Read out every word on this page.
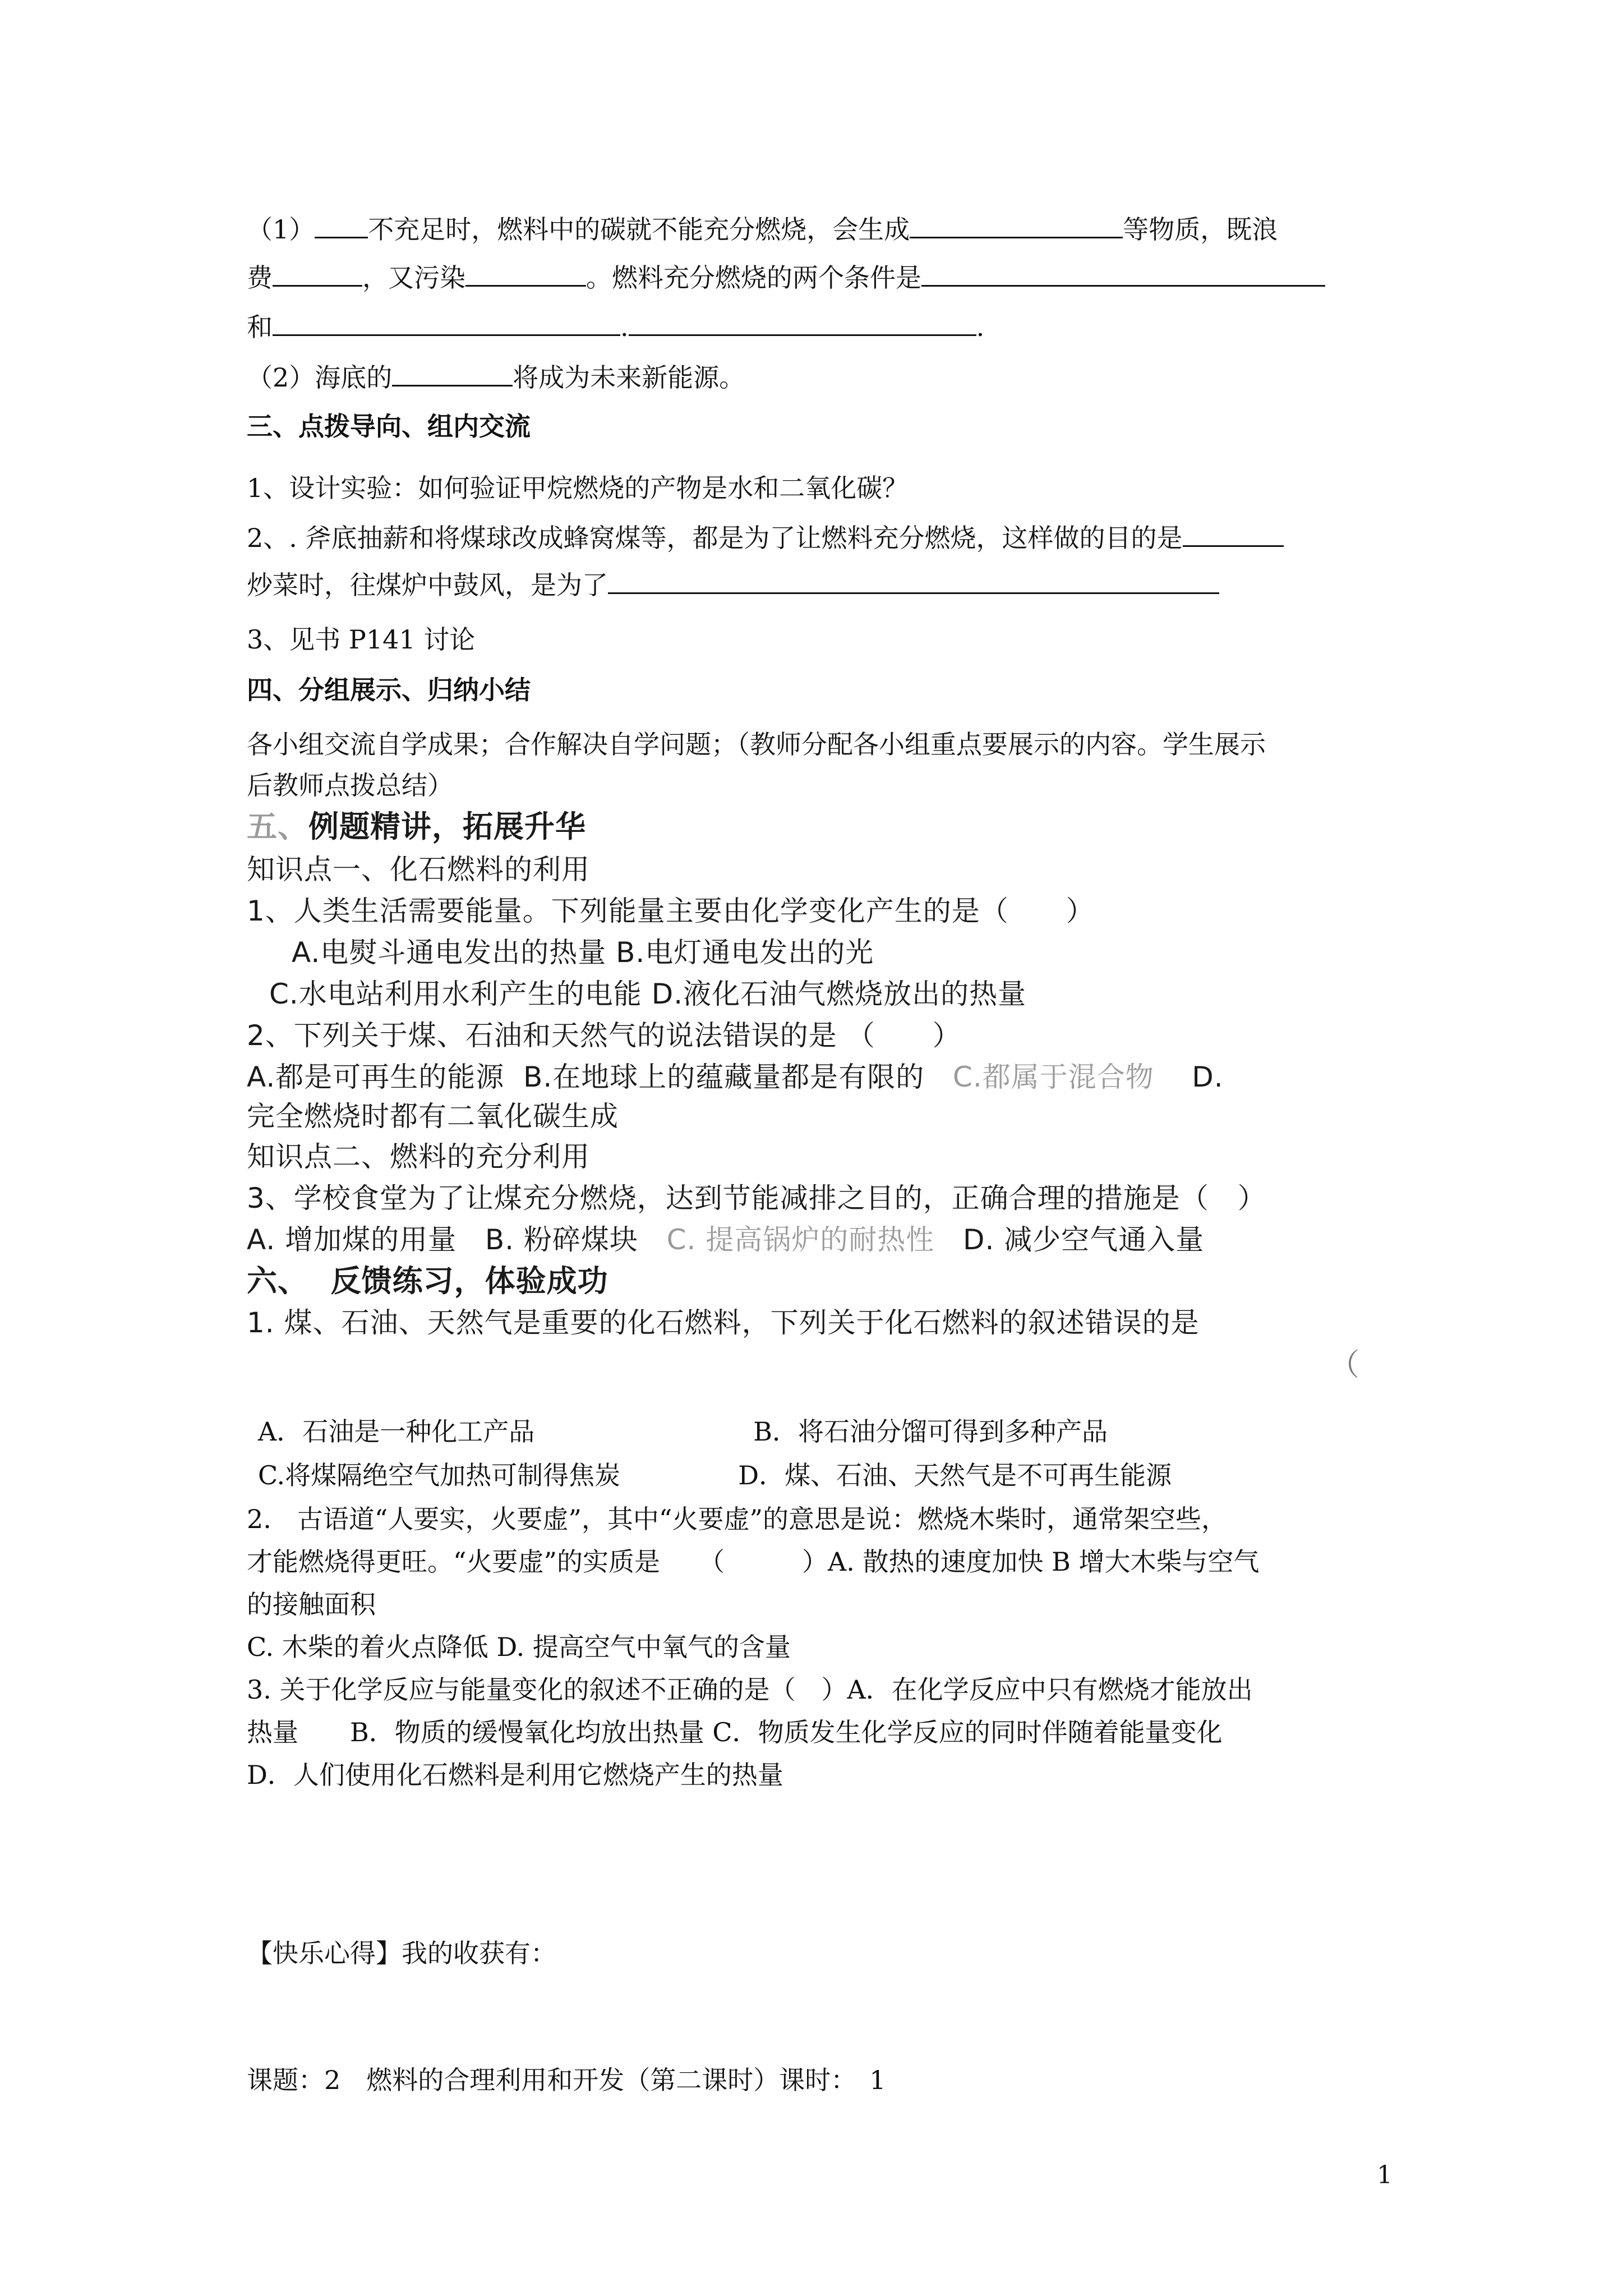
（1） 不充足时，燃料中的碳就不能充分燃烧，会生成	等物质，既浪
费	，又污染	。燃料充分燃烧的两个条件是
和	.	.
（2）海底的	将成为未来新能源。
三、点拨导向、组内交流
1、设计实验：如何验证甲烷燃烧的产物是水和二氧化碳？
2、. 斧底抽薪和将煤球改成蜂窝煤等，都是为了让燃料充分燃烧，这样做的目的是
炒菜时，往煤炉中鼓风，是为了
3、见书 P141 讨论
四、分组展示、归纳小结
各小组交流自学成果；合作解决自学问题；（教师分配各小组重点要展示的内容。学生展示
后教师点拨总结）
五、例题精讲，拓展升华
知识点一、化石燃料的利用
1、人类生活需要能量。下列能量主要由化学变化产生的是（　　）
A.电熨斗通电发出的热量 B.电灯通电发出的光
C.水电站利用水利产生的电能 D.液化石油气燃烧放出的热量
2、下列关于煤、石油和天然气的说法错误的是 （　　）
A.都是可再生的能源 B.在地球上的蕴藏量都是有限的 C.都属于混合物 D.
完全燃烧时都有二氧化碳生成
知识点二、燃料的充分利用
3、学校食堂为了让煤充分燃烧，达到节能减排之目的，正确合理的措施是（　）
A. 增加煤的用量 B. 粉碎煤块 C. 提高锅炉的耐热性 D. 减少空气通入量
六、 反馈练习，体验成功
1. 煤、石油、天然气是重要的化石燃料，下列关于化石燃料的叙述错误的是
（
A．石油是一种化工产品	B．将石油分馏可得到多种产品
C.将煤隔绝空气加热可制得焦炭	D．煤、石油、天然气是不可再生能源
2.　古语道“人要实，火要虚”，其中“火要虚”的意思是说：燃烧木柴时，通常架空些，
才能燃烧得更旺。“火要虚”的实质是　　（　　　）A. 散热的速度加快 B 增大木柴与空气
的接触面积
C. 木柴的着火点降低 D. 提高空气中氧气的含量
3. 关于化学反应与能量变化的叙述不正确的是（　）A．在化学反应中只有燃烧才能放出
热量　　B．物质的缓慢氧化均放出热量 C．物质发生化学反应的同时伴随着能量变化
D．人们使用化石燃料是利用它燃烧产生的热量
【快乐心得】我的收获有：
课题：2　燃料的合理利用和开发（第二课时）课时：　1
1
